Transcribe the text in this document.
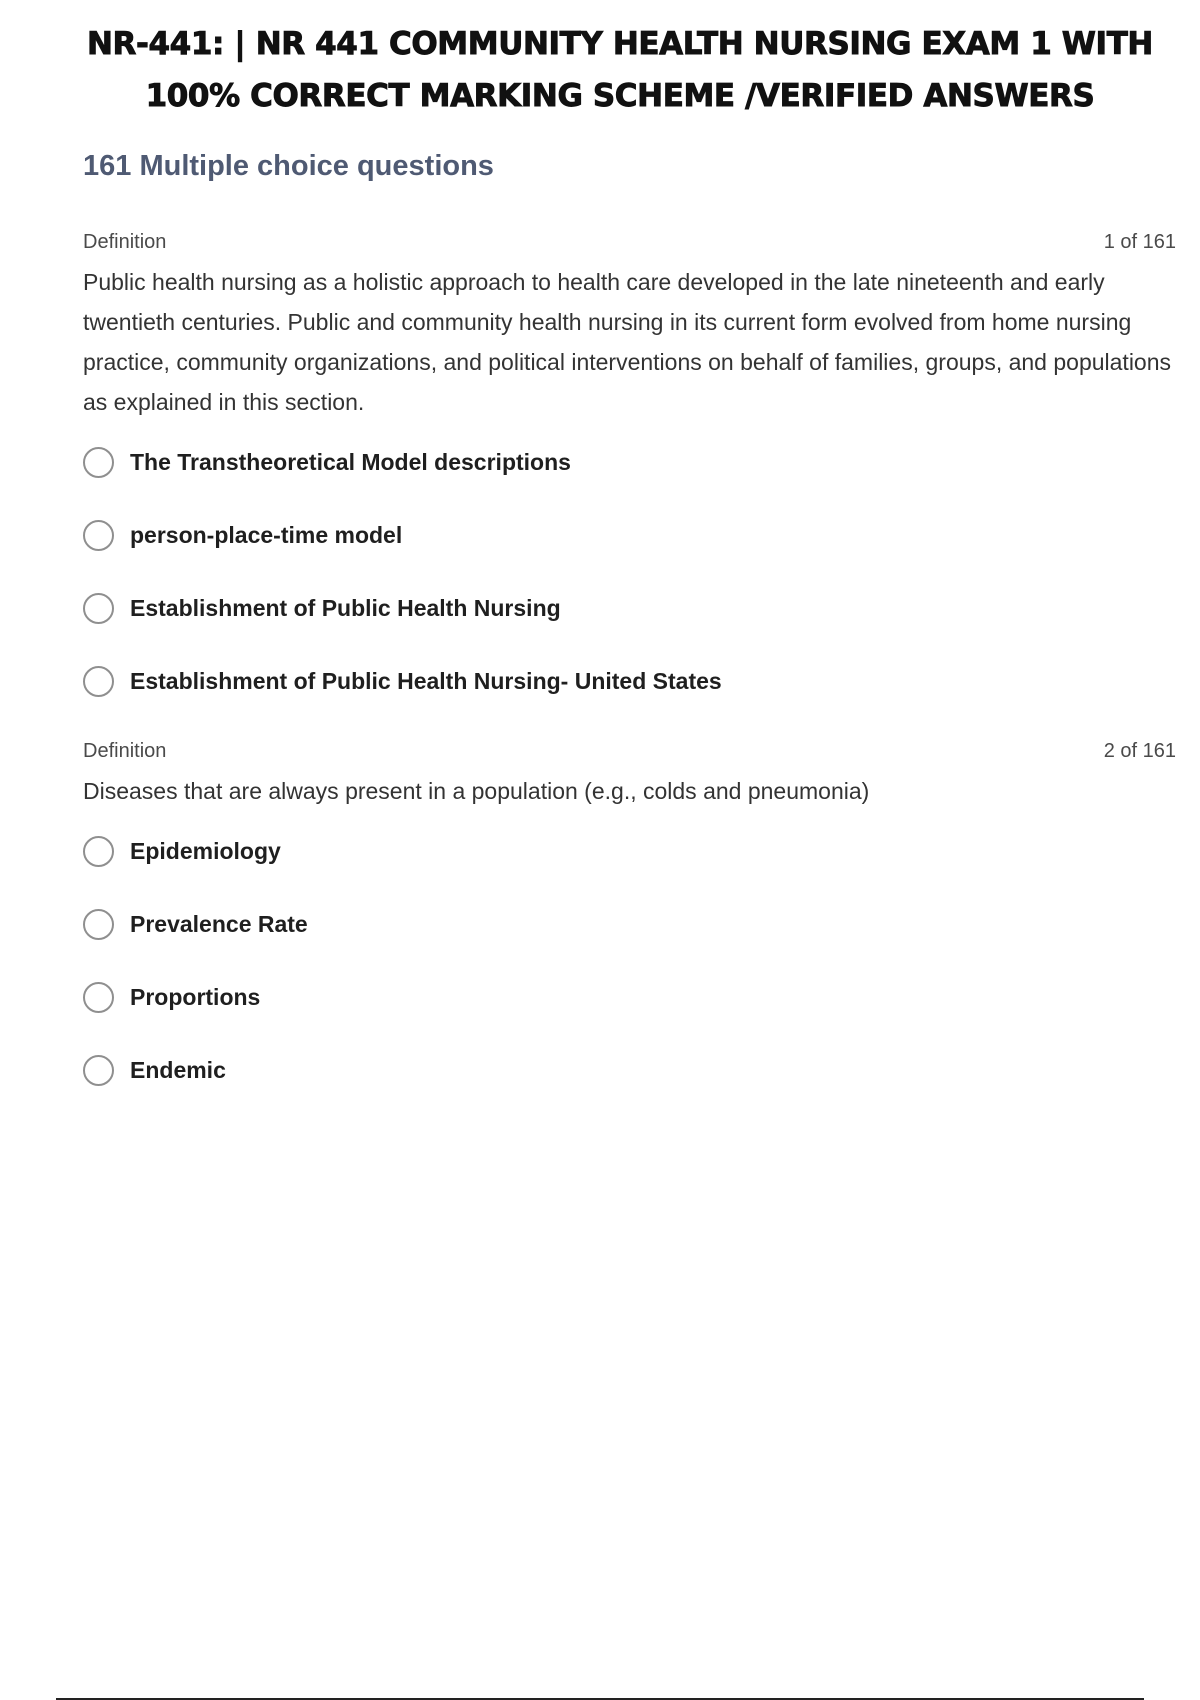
NR-441: | NR 441 COMMUNITY HEALTH NURSING EXAM 1 WITH
100% CORRECT MARKING SCHEME /VERIFIED ANSWERS
161 Multiple choice questions
Definition	1 of 161
Public health nursing as a holistic approach to health care developed in the late nineteenth and early twentieth centuries. Public and community health nursing in its current form evolved from home nursing practice, community organizations, and political interventions on behalf of families, groups, and populations as explained in this section.
The Transtheoretical Model descriptions
person-place-time model
Establishment of Public Health Nursing
Establishment of Public Health Nursing- United States
Definition	2 of 161
Diseases that are always present in a population (e.g., colds and pneumonia)
Epidemiology
Prevalence Rate
Proportions
Endemic
